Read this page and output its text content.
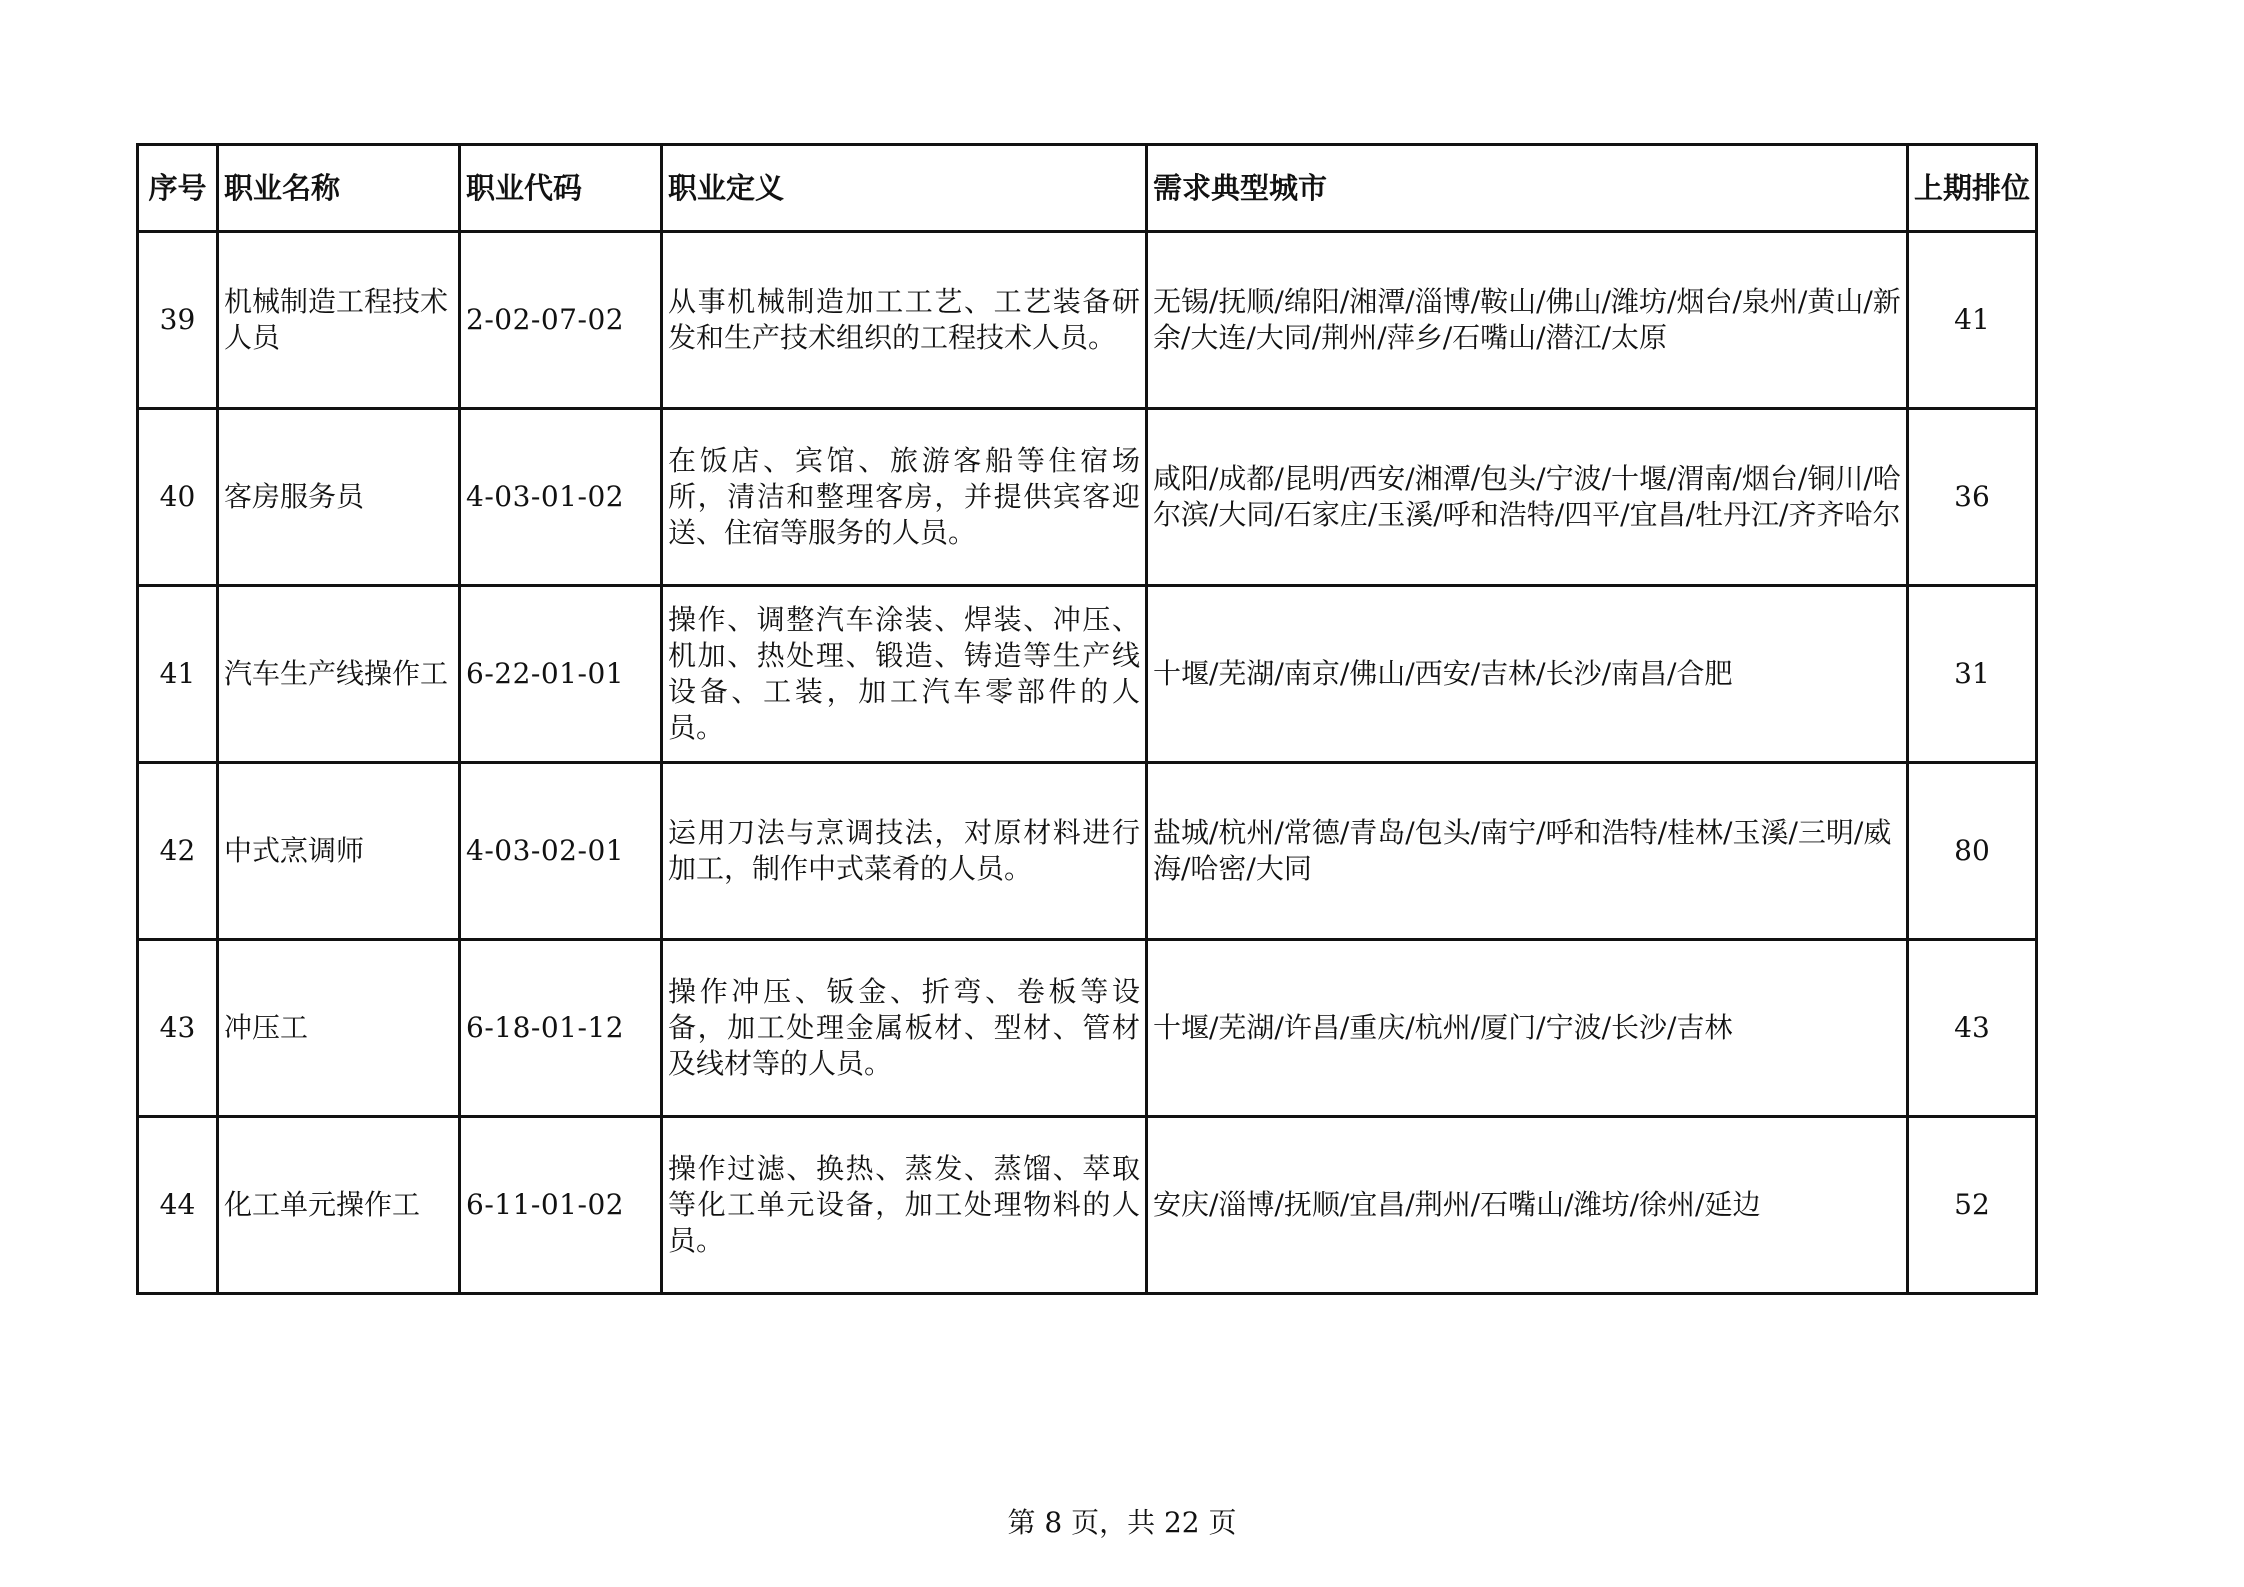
序号	职业名称	职业代码	职业定义	需求典型城市	上期排位
39	机械制造工程技术人员	2-02-07-02	从事机械制造加工工艺、工艺装备研发和生产技术组织的工程技术人员。	无锡/抚顺/绵阳/湘潭/淄博/鞍山/佛山/潍坊/烟台/泉州/黄山/新余/大连/大同/荆州/萍乡/石嘴山/潜江/太原	41
40	客房服务员	4-03-01-02	在饭店、宾馆、旅游客船等住宿场所，清洁和整理客房，并提供宾客迎送、住宿等服务的人员。	咸阳/成都/昆明/西安/湘潭/包头/宁波/十堰/渭南/烟台/铜川/哈尔滨/大同/石家庄/玉溪/呼和浩特/四平/宜昌/牡丹江/齐齐哈尔	36
41	汽车生产线操作工	6-22-01-01	操作、调整汽车涂装、焊装、冲压、机加、热处理、锻造、铸造等生产线设备、工装，加工汽车零部件的人员。	十堰/芜湖/南京/佛山/西安/吉林/长沙/南昌/合肥	31
42	中式烹调师	4-03-02-01	运用刀法与烹调技法，对原材料进行加工，制作中式菜肴的人员。	盐城/杭州/常德/青岛/包头/南宁/呼和浩特/桂林/玉溪/三明/威海/哈密/大同	80
43	冲压工	6-18-01-12	操作冲压、钣金、折弯、卷板等设备，加工处理金属板材、型材、管材及线材等的人员。	十堰/芜湖/许昌/重庆/杭州/厦门/宁波/长沙/吉林	43
44	化工单元操作工	6-11-01-02	操作过滤、换热、蒸发、蒸馏、萃取等化工单元设备，加工处理物料的人员。	安庆/淄博/抚顺/宜昌/荆州/石嘴山/潍坊/徐州/延边	52
第 8 页，共 22 页
